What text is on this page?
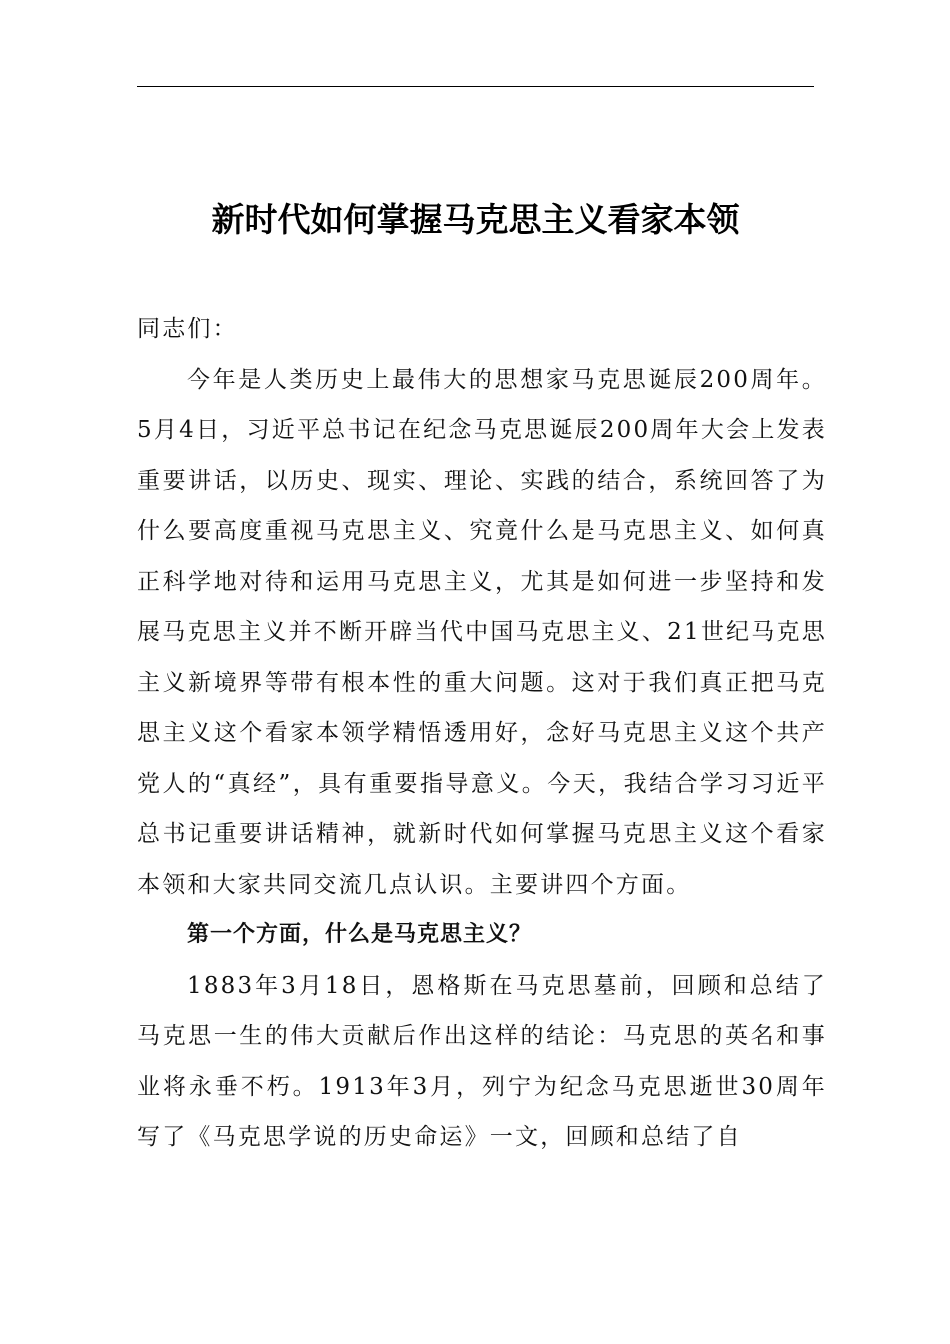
新时代如何掌握马克思主义看家本领

同志们：

今年是人类历史上最伟大的思想家马克思诞辰200周年。5月4日，习近平总书记在纪念马克思诞辰200周年大会上发表重要讲话，以历史、现实、理论、实践的结合，系统回答了为什么要高度重视马克思主义、究竟什么是马克思主义、如何真正科学地对待和运用马克思主义，尤其是如何进一步坚持和发展马克思主义并不断开辟当代中国马克思主义、21世纪马克思主义新境界等带有根本性的重大问题。这对于我们真正把马克思主义这个看家本领学精悟透用好，念好马克思主义这个共产党人的“真经”，具有重要指导意义。今天，我结合学习习近平总书记重要讲话精神，就新时代如何掌握马克思主义这个看家本领和大家共同交流几点认识。主要讲四个方面。

第一个方面，什么是马克思主义？

1883年3月18日，恩格斯在马克思墓前，回顾和总结了马克思一生的伟大贡献后作出这样的结论：马克思的英名和事业将永垂不朽。1913年3月，列宁为纪念马克思逝世30周年写了《马克思学说的历史命运》一文，回顾和总结了自
